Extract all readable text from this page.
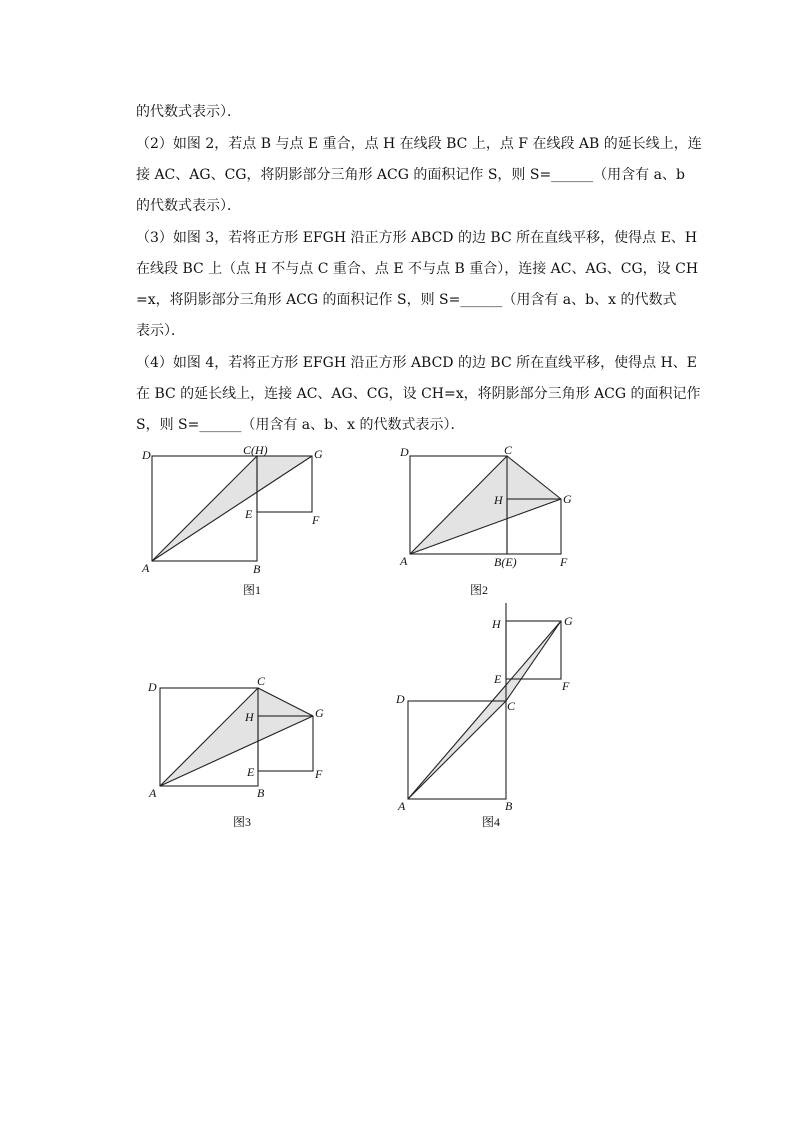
的代数式表示）．
（2）如图 2，若点 B 与点 E 重合，点 H 在线段 BC 上，点 F 在线段 AB 的延长线上，连
接 AC、AG、CG，将阴影部分三角形 ACG 的面积记作 S，则 S=______（用含有 a、b
的代数式表示）．
（3）如图 3，若将正方形 EFGH 沿正方形 ABCD 的边 BC 所在直线平移，使得点 E、H
在线段 BC 上（点 H 不与点 C 重合、点 E 不与点 B 重合），连接 AC、AG、CG，设 CH
=x，将阴影部分三角形 ACG 的面积记作 S，则 S=______（用含有 a、b、x 的代数式
表示）．
（4）如图 4，若将正方形 EFGH 沿正方形 ABCD 的边 BC 所在直线平移，使得点 H、E
在 BC 的延长线上，连接 AC、AG、CG，设 CH=x，将阴影部分三角形 ACG 的面积记作
S，则 S=______（用含有 a、b、x 的代数式表示）．
D	C(H)	G
E	F
A	B
图1
D	C
H	G
A	B(E)	F
图2
D	C
H	G
E	F
A	B
图3
H	G
E	F
D	C
A	B
图4
